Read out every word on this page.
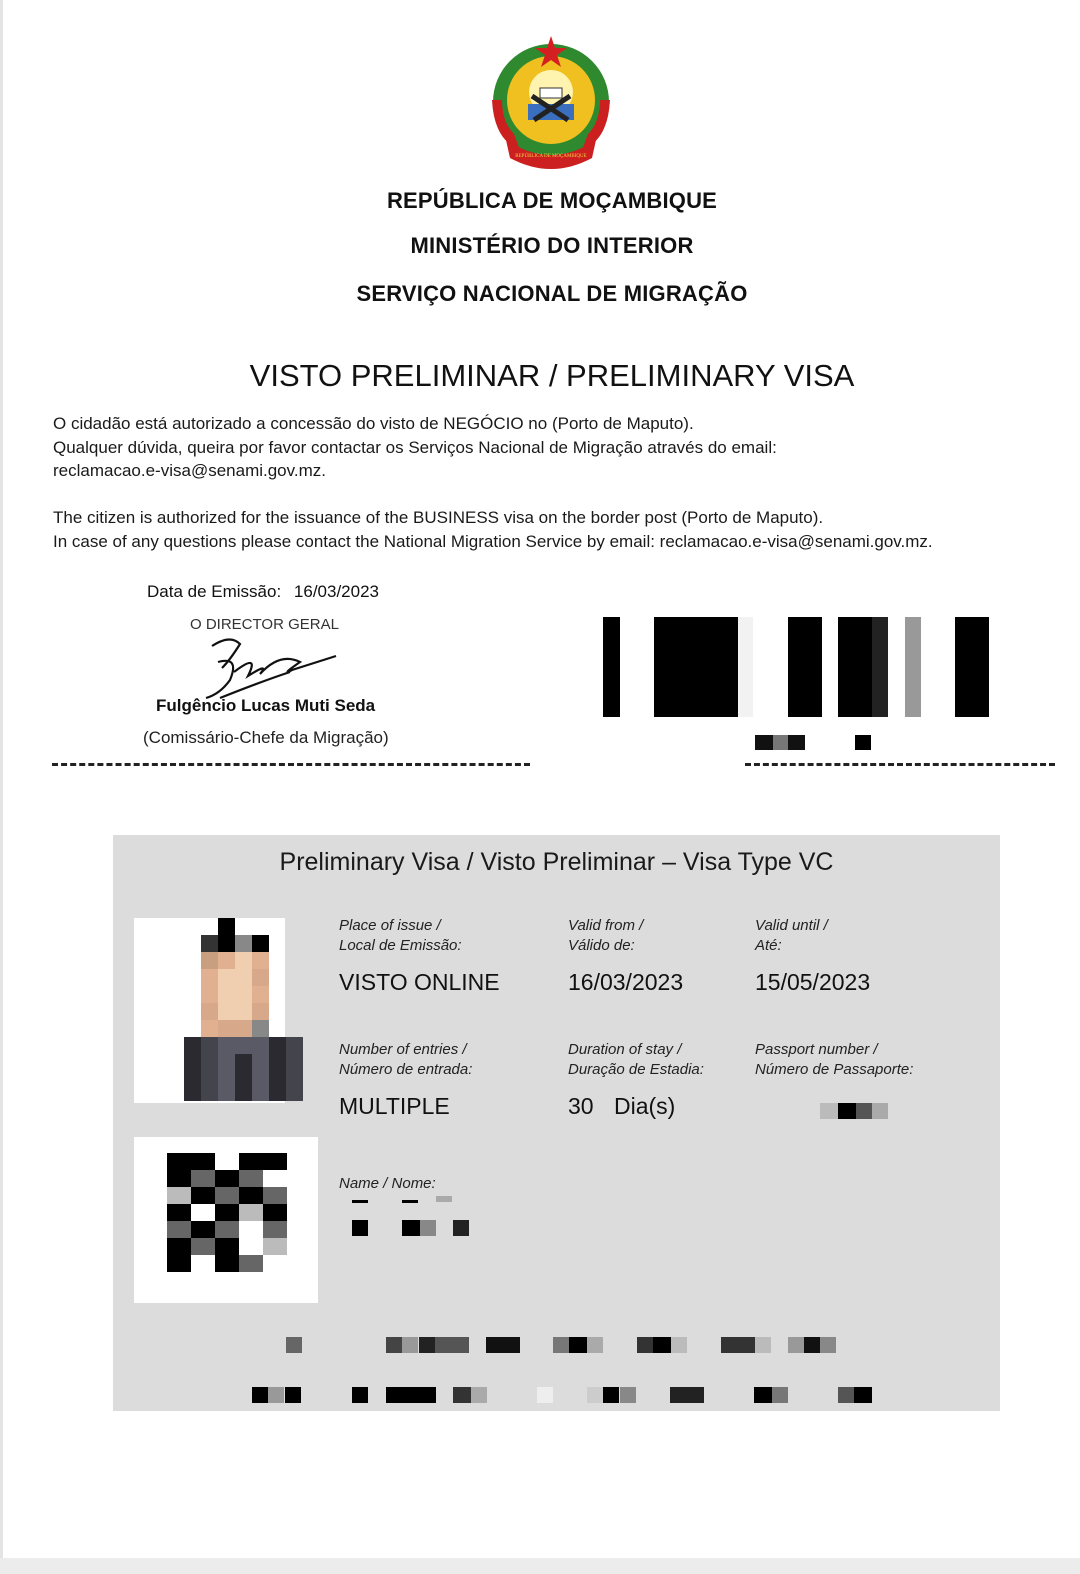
REPÚBLICA DE MOÇAMBIQUE
REPÚBLICA DE MOÇAMBIQUE
MINISTÉRIO DO INTERIOR
SERVIÇO NACIONAL DE MIGRAÇÃO
VISTO PRELIMINAR / PRELIMINARY VISA
O cidadão está autorizado a concessão do visto de NEGÓCIO no (Porto de Maputo).
Qualquer dúvida, queira por favor contactar os Serviços Nacional de Migração através do email:
reclamacao.e-visa@senami.gov.mz.
The citizen is authorized for the issuance of the BUSINESS visa on the border post (Porto de Maputo).
In case of any questions please contact the National Migration Service by email: reclamacao.e-visa@senami.gov.mz.
Data de Emissão: 16/03/2023
O DIRECTOR GERAL
Fulgêncio Lucas Muti Seda
(Comissário-Chefe da Migração)
Preliminary Visa / Visto Preliminar – Visa Type VC
Place of issue /
Local de Emissão:
VISTO ONLINE
Valid from /
Válido de:
16/03/2023
Valid until /
Até:
15/05/2023
Number of entries /
Número de entrada:
MULTIPLE
Duration of stay /
Duração de Estadia:
30 Dia(s)
Passport number /
Número de Passaporte:
Name / Nome:
